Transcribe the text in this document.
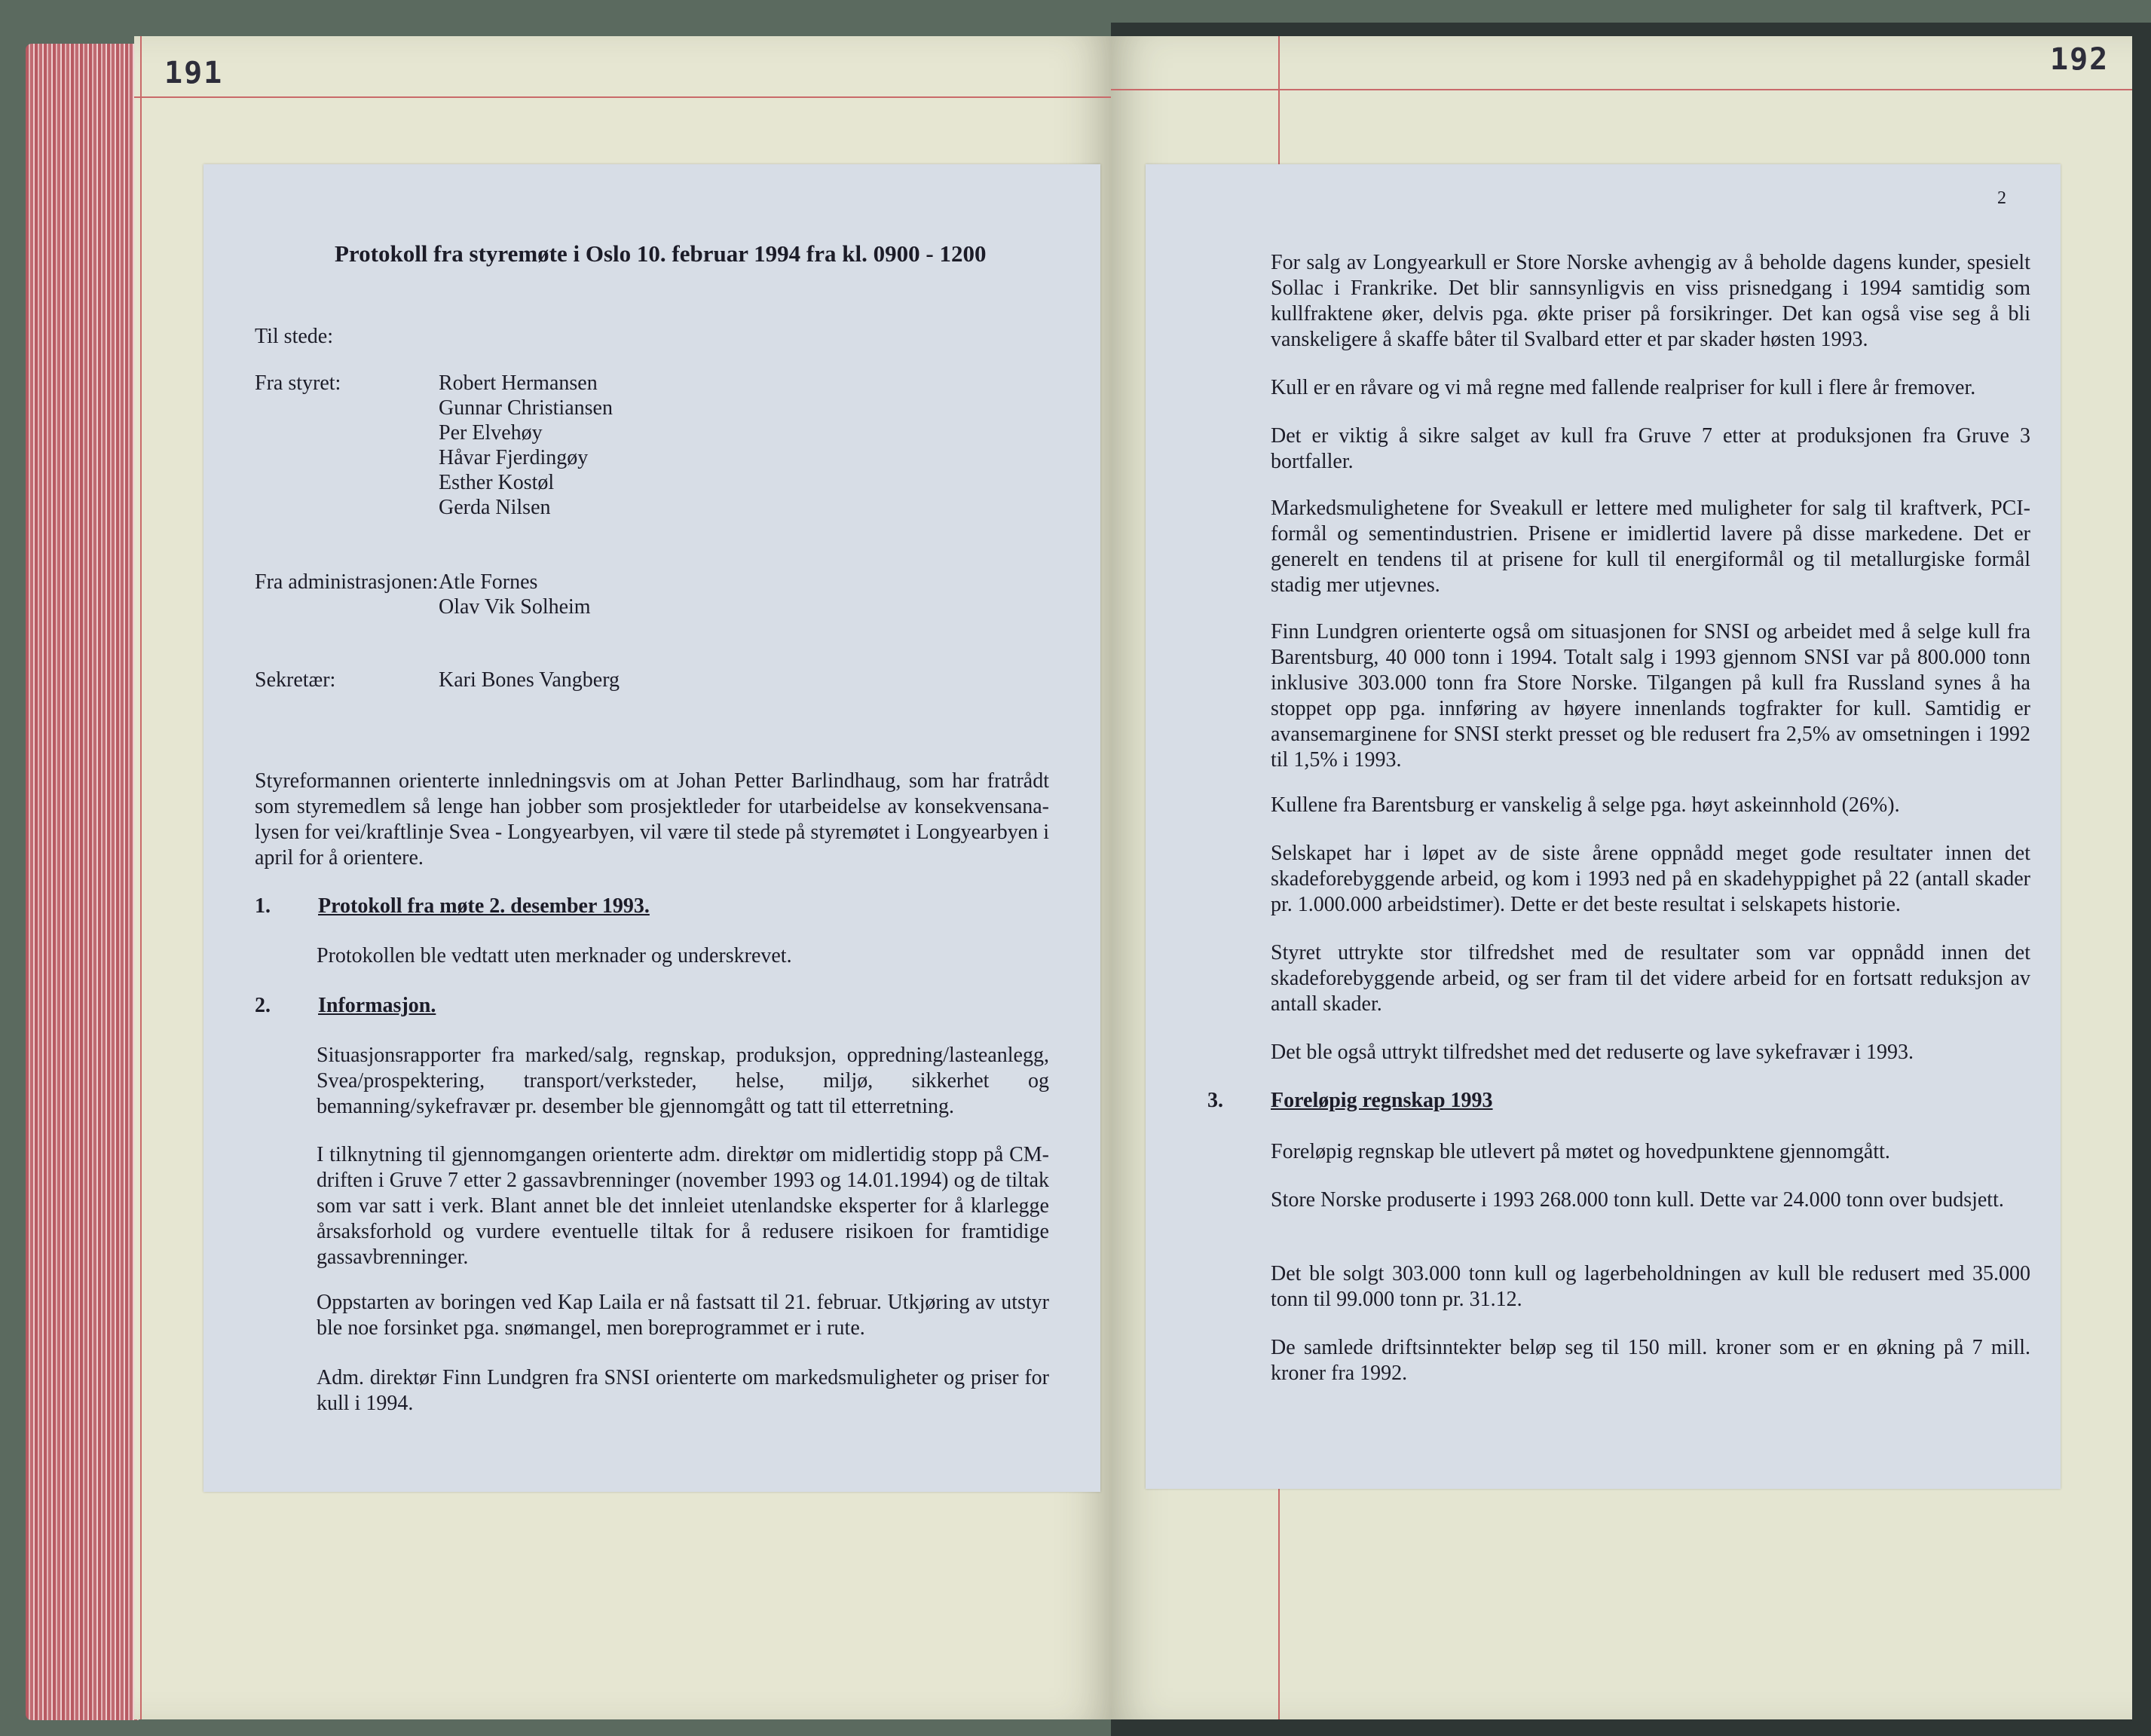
191	192
Protokoll fra styremøte i Oslo 10. februar 1994 fra kl. 0900 - 1200
Til stede:
Fra styret:	Robert Hermansen
Gunnar Christiansen
Per Elvehøy
Håvar Fjerdingøy
Esther Kostøl
Gerda Nilsen
Fra administrasjonen: Atle Fornes
Olav Vik Solheim
Sekretær:	Kari Bones Vangberg

Styreformannen orienterte innledningsvis om at Johan Petter Barlindhaug, som har fratrådt som styremedlem så lenge han jobber som prosjektleder for utarbeidelse av konsekvensana-lysen for vei/kraftlinje Svea - Longyearbyen, vil være til stede på styremøtet i Longyearbyen i april for å orientere.

1. Protokoll fra møte 2. desember 1993.

Protokollen ble vedtatt uten merknader og underskrevet.

2. Informasjon.

Situasjonsrapporter fra marked/salg, regnskap, produksjon, oppredning/lasteanlegg, Svea/prospektering, transport/verksteder, helse, miljø, sikkerhet og bemanning/sykefravær pr. desember ble gjennomgått og tatt til etterretning.

I tilknytning til gjennomgangen orienterte adm. direktør om midlertidig stopp på CM-driften i Gruve 7 etter 2 gassavbrenninger (november 1993 og 14.01.1994) og de tiltak som var satt i verk. Blant annet ble det innleiet utenlandske eksperter for å klarlegge årsaksforhold og vurdere eventuelle tiltak for å redusere risikoen for framtidige gassavbrenninger.

Oppstarten av boringen ved Kap Laila er nå fastsatt til 21. februar. Utkjøring av utstyr ble noe forsinket pga. snømangel, men boreprogrammet er i rute.

Adm. direktør Finn Lundgren fra SNSI orienterte om markedsmuligheter og priser for kull i 1994.

2

For salg av Longyearkull er Store Norske avhengig av å beholde dagens kunder, spesielt Sollac i Frankrike. Det blir sannsynligvis en viss prisnedgang i 1994 samtidig som kullfraktene øker, delvis pga. økte priser på forsikringer. Det kan også vise seg å bli vanskeligere å skaffe båter til Svalbard etter et par skader høsten 1993.

Kull er en råvare og vi må regne med fallende realpriser for kull i flere år fremover.

Det er viktig å sikre salget av kull fra Gruve 7 etter at produksjonen fra Gruve 3 bortfaller.

Markedsmulighetene for Sveakull er lettere med muligheter for salg til kraftverk, PCI-formål og sementindustrien. Prisene er imidlertid lavere på disse markedene. Det er generelt en tendens til at prisene for kull til energiformål og til metallurgiske formål stadig mer utjevnes.

Finn Lundgren orienterte også om situasjonen for SNSI og arbeidet med å selge kull fra Barentsburg, 40 000 tonn i 1994. Totalt salg i 1993 gjennom SNSI var på 800.000 tonn inklusive 303.000 tonn fra Store Norske. Tilgangen på kull fra Russland synes å ha stoppet opp pga. innføring av høyere innenlands togfrakter for kull. Samtidig er avansemarginene for SNSI sterkt presset og ble redusert fra 2,5% av omsetningen i 1992 til 1,5% i 1993.

Kullene fra Barentsburg er vanskelig å selge pga. høyt askeinnhold (26%).

Selskapet har i løpet av de siste årene oppnådd meget gode resultater innen det skadeforebyggende arbeid, og kom i 1993 ned på en skadehyppighet på 22 (antall skader pr. 1.000.000 arbeidstimer). Dette er det beste resultat i selskapets historie.

Styret uttrykte stor tilfredshet med de resultater som var oppnådd innen det skadeforebyggende arbeid, og ser fram til det videre arbeid for en fortsatt reduksjon av antall skader.

Det ble også uttrykt tilfredshet med det reduserte og lave sykefravær i 1993.

3. Foreløpig regnskap 1993

Foreløpig regnskap ble utlevert på møtet og hovedpunktene gjennomgått.

Store Norske produserte i 1993 268.000 tonn kull. Dette var 24.000 tonn over budsjett.

Det ble solgt 303.000 tonn kull og lagerbeholdningen av kull ble redusert med 35.000 tonn til 99.000 tonn pr. 31.12.

De samlede driftsinntekter beløp seg til 150 mill. kroner som er en økning på 7 mill. kroner fra 1992.
